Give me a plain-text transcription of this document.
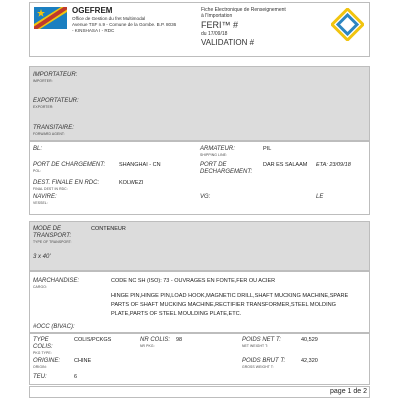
OGEFREM
Office de Gestion du fret Multimodal
Avenue TSF n.9 - Comune de la Gombe. B.P. 8036
- KINSHASA I - RDC
Fiche Electronique de Renseignement
à l'Importation
FERI™ #
du 17/09/18
VALIDATION #
IMPORTATEUR:
IMPORTER:
EXPORTATEUR:
EXPORTER:
TRANSITAIRE:
FORWARD AGENT:
BL:	ARMATEUR:
SHIPPING LINE:
PIL
PORT DE CHARGEMENT:
POL:
SHANGHAI - CN	PORT DE DECHARGEMENT:
DAR ES SALAAM ETA: 23/09/18
DEST. FINALE EN RDC:
FINAL DEST IN RDC:
KOLWEZI
NAVIRE:
VESSEL:
VG:	LE
MODE DE
TRANSPORT:
TYPE OF TRANSPORT:
CONTENEUR
3 x 40'
MARCHANDISE:
CARGO:
CODE NC SH (ISO): 73 - OUVRAGES EN FONTE,FER OU ACIER
HINGE PIN,HINGE PIN,LOAD HOOK,MAGNETIC DRILL,SHAFT MUCKING MACHINE,SPARE PARTS OF SHAFT MUCKING MACHINE,RECTIFIER TRANSFORMER,STEEL MOLDING PLATE,PARTS OF STEEL MOULDING PLATE,ETC.
#OCC (BIVAC):
TYPE
COLIS:
PKG TYPE:
COLIS/PCKGS	NR COLIS:
NR PKG:
98	POIDS NET T:
NET WEIGHT T:
40,529
ORIGINE:
ORIGIN:
CHINE	POIDS BRUT T:
GROSS WEIGHT T:
42,320
TEU:	6
page 1 de 2
